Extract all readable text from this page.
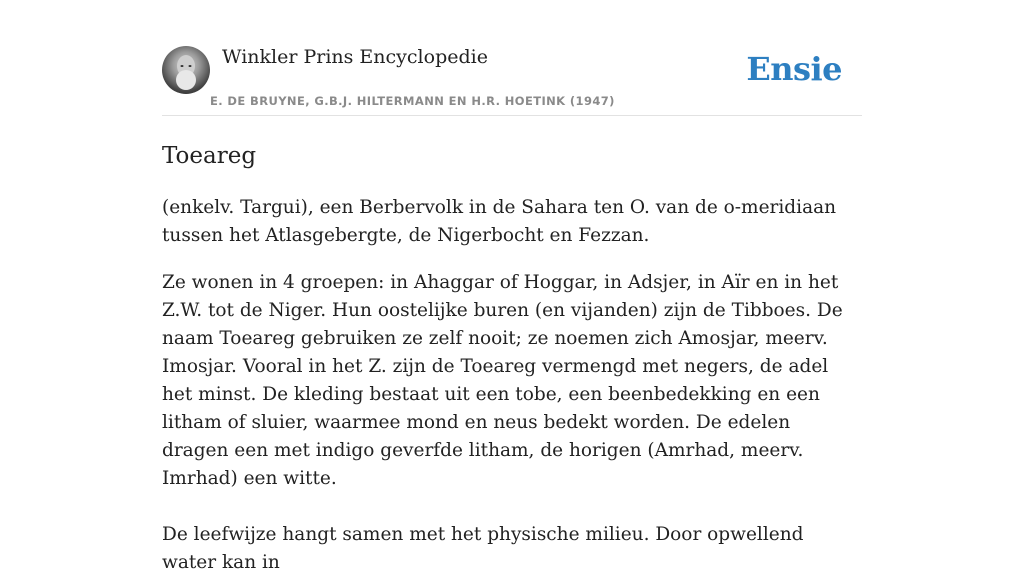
Winkler Prins Encyclopedie
E. DE BRUYNE, G.B.J. HILTERMANN EN H.R. HOETINK (1947)
Ensie
Toeareg

(enkelv. Targui), een Berbervolk in de Sahara ten O. van de o-meridiaan tussen het Atlasgebergte, de Nigerbocht en Fezzan.

Ze wonen in 4 groepen: in Ahaggar of Hoggar, in Adsjer, in Aïr en in het Z.W. tot de Niger. Hun oostelijke buren (en vijanden) zijn de Tibboes. De naam Toeareg gebruiken ze zelf nooit; ze noemen zich Amosjar, meerv. Imosjar. Vooral in het Z. zijn de Toeareg vermengd met negers, de adel het minst. De kleding bestaat uit een tobe, een beenbedekking en een litham of sluier, waarmee mond en neus bedekt worden. De edelen dragen een met indigo geverfde litham, de horigen (Amrhad, meerv. Imrhad) een witte.

De leefwijze hangt samen met het physische milieu. Door opwellend water kan in
